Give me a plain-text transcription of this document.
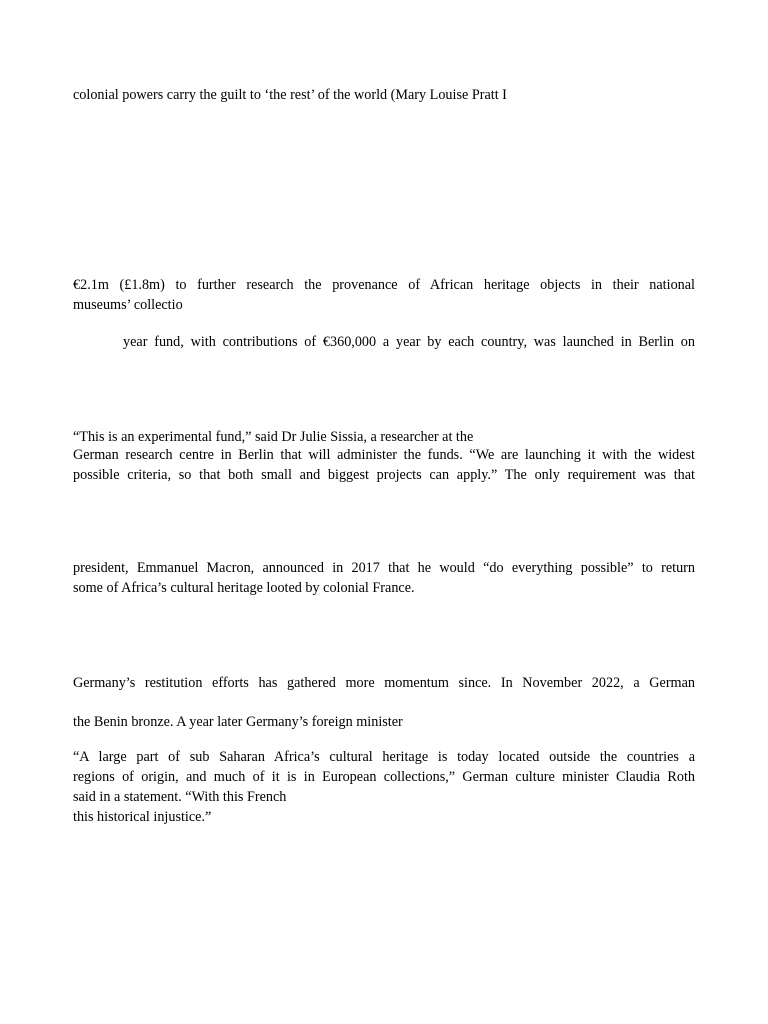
colonial powers carry the guilt to ‘the rest’ of the world (Mary Louise Pratt I
€2.1m (£1.8m) to further research the provenance of African heritage objects in their national
museums’ collectio
year fund, with contributions of €360,000 a year by each country, was launched in Berlin on
“This is an experimental fund,” said Dr Julie Sissia, a researcher at the
German research centre in Berlin that will administer the funds. “We are launching it with the widest
possible criteria, so that both small and biggest projects can apply.” The only requirement was that
president, Emmanuel Macron, announced in 2017 that he would “do everything possible” to return
some of Africa’s cultural heritage looted by colonial France.
Germany’s restitution efforts has gathered more momentum since. In November 2022, a German
the Benin bronze. A year later Germany’s foreign minister
“A large part of sub Saharan Africa’s cultural heritage is today located outside the countries a
regions of origin, and much of it is in European collections,” German culture minister Claudia Roth
said in a statement. “With this French
this historical injustice.”
